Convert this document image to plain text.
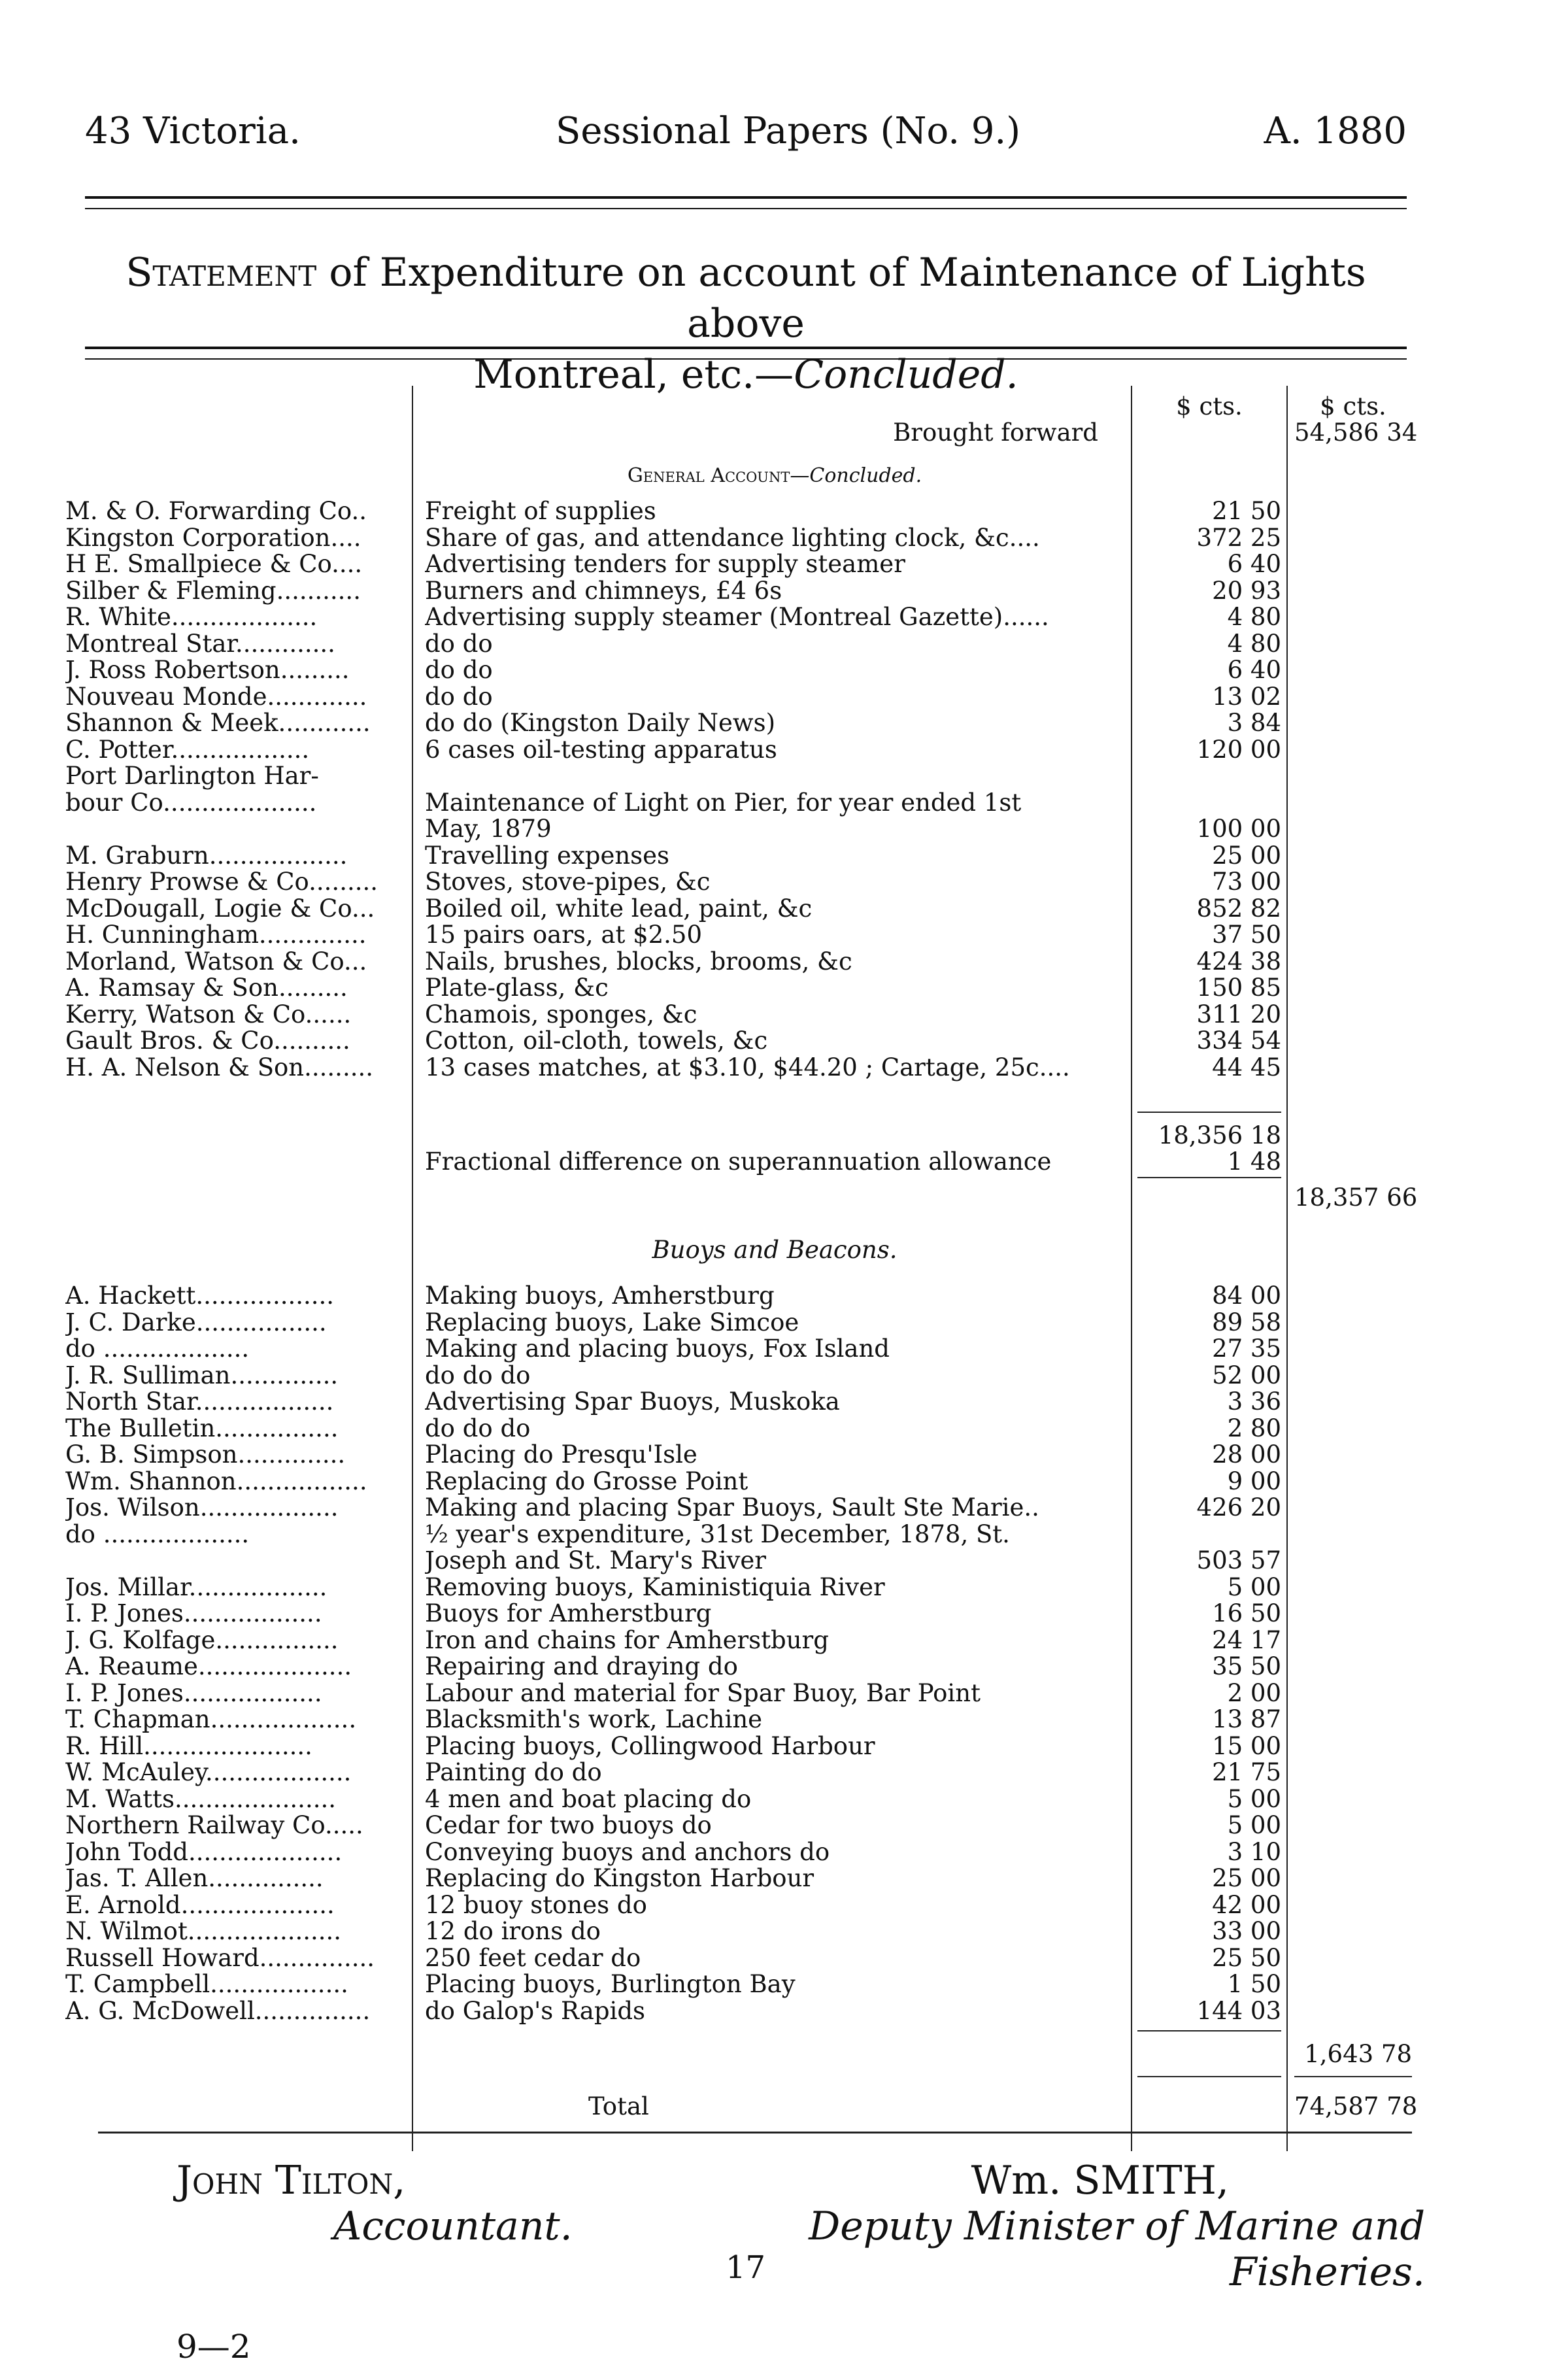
43 Victoria.	Sessional Papers (No. 9.)	A. 1880
Statement of Expenditure on account of Maintenance of Lights above
Montreal, etc.—Concluded.
$ cts.	$ cts.
Brought forward	54,586 34
General Account—Concluded.
M. & O. Forwarding Co..	Freight of supplies	21 50
Kingston Corporation....	Share of gas, and attendance lighting clock, &c....	372 25
H E. Smallpiece & Co....	Advertising tenders for supply steamer	6 40
Silber & Fleming...........	Burners and chimneys, £4 6s	20 93
R. White...................	Advertising supply steamer (Montreal Gazette)......	4 80
Montreal Star.............	do do	4 80
J. Ross Robertson.........	do do	6 40
Nouveau Monde.............	do do	13 02
Shannon & Meek............	do do (Kingston Daily News)	3 84
C. Potter..................	6 cases oil-testing apparatus	120 00
Port Darlington Har-
bour Co....................	Maintenance of Light on Pier, for year ended 1st
May, 1879	100 00
M. Graburn..................	Travelling expenses	25 00
Henry Prowse & Co.........	Stoves, stove-pipes, &c	73 00
McDougall, Logie & Co...	Boiled oil, white lead, paint, &c	852 82
H. Cunningham..............	15 pairs oars, at $2.50	37 50
Morland, Watson & Co...	Nails, brushes, blocks, brooms, &c	424 38
A. Ramsay & Son.........	Plate-glass, &c	150 85
Kerry, Watson & Co......	Chamois, sponges, &c	311 20
Gault Bros. & Co..........	Cotton, oil-cloth, towels, &c	334 54
H. A. Nelson & Son.........	13 cases matches, at $3.10, $44.20 ; Cartage, 25c....	44 45
18,356 18
Fractional difference on superannuation allowance	1 48
18,357 66
Buoys and Beacons.
A. Hackett..................	Making buoys, Amherstburg	84 00
J. C. Darke.................	Replacing buoys, Lake Simcoe	89 58
do ...................	Making and placing buoys, Fox Island	27 35
J. R. Sulliman..............	do do do	52 00
North Star..................	Advertising Spar Buoys, Muskoka	3 36
The Bulletin................	do do do	2 80
G. B. Simpson..............	Placing do Presqu'Isle	28 00
Wm. Shannon.................	Replacing do Grosse Point	9 00
Jos. Wilson..................	Making and placing Spar Buoys, Sault Ste Marie..	426 20
do ...................	½ year's expenditure, 31st December, 1878, St.
Joseph and St. Mary's River	503 57
Jos. Millar..................	Removing buoys, Kaministiquia River	5 00
I. P. Jones..................	Buoys for Amherstburg	16 50
J. G. Kolfage................	Iron and chains for Amherstburg	24 17
A. Reaume....................	Repairing and draying do	35 50
I. P. Jones..................	Labour and material for Spar Buoy, Bar Point	2 00
T. Chapman...................	Blacksmith's work, Lachine	13 87
R. Hill......................	Placing buoys, Collingwood Harbour	15 00
W. McAuley...................	Painting do do	21 75
M. Watts.....................	4 men and boat placing do	5 00
Northern Railway Co.....	Cedar for two buoys do	5 00
John Todd....................	Conveying buoys and anchors do	3 10
Jas. T. Allen...............	Replacing do Kingston Harbour	25 00
E. Arnold....................	12 buoy stones do	42 00
N. Wilmot....................	12 do irons do	33 00
Russell Howard...............	250 feet cedar do	25 50
T. Campbell..................	Placing buoys, Burlington Bay	1 50
A. G. McDowell...............	do Galop's Rapids	144 03
1,643 78
Total	74,587 78
John Tilton,
Accountant.
Wm. SMITH,
Deputy Minister of Marine and Fisheries.
17
9—2
